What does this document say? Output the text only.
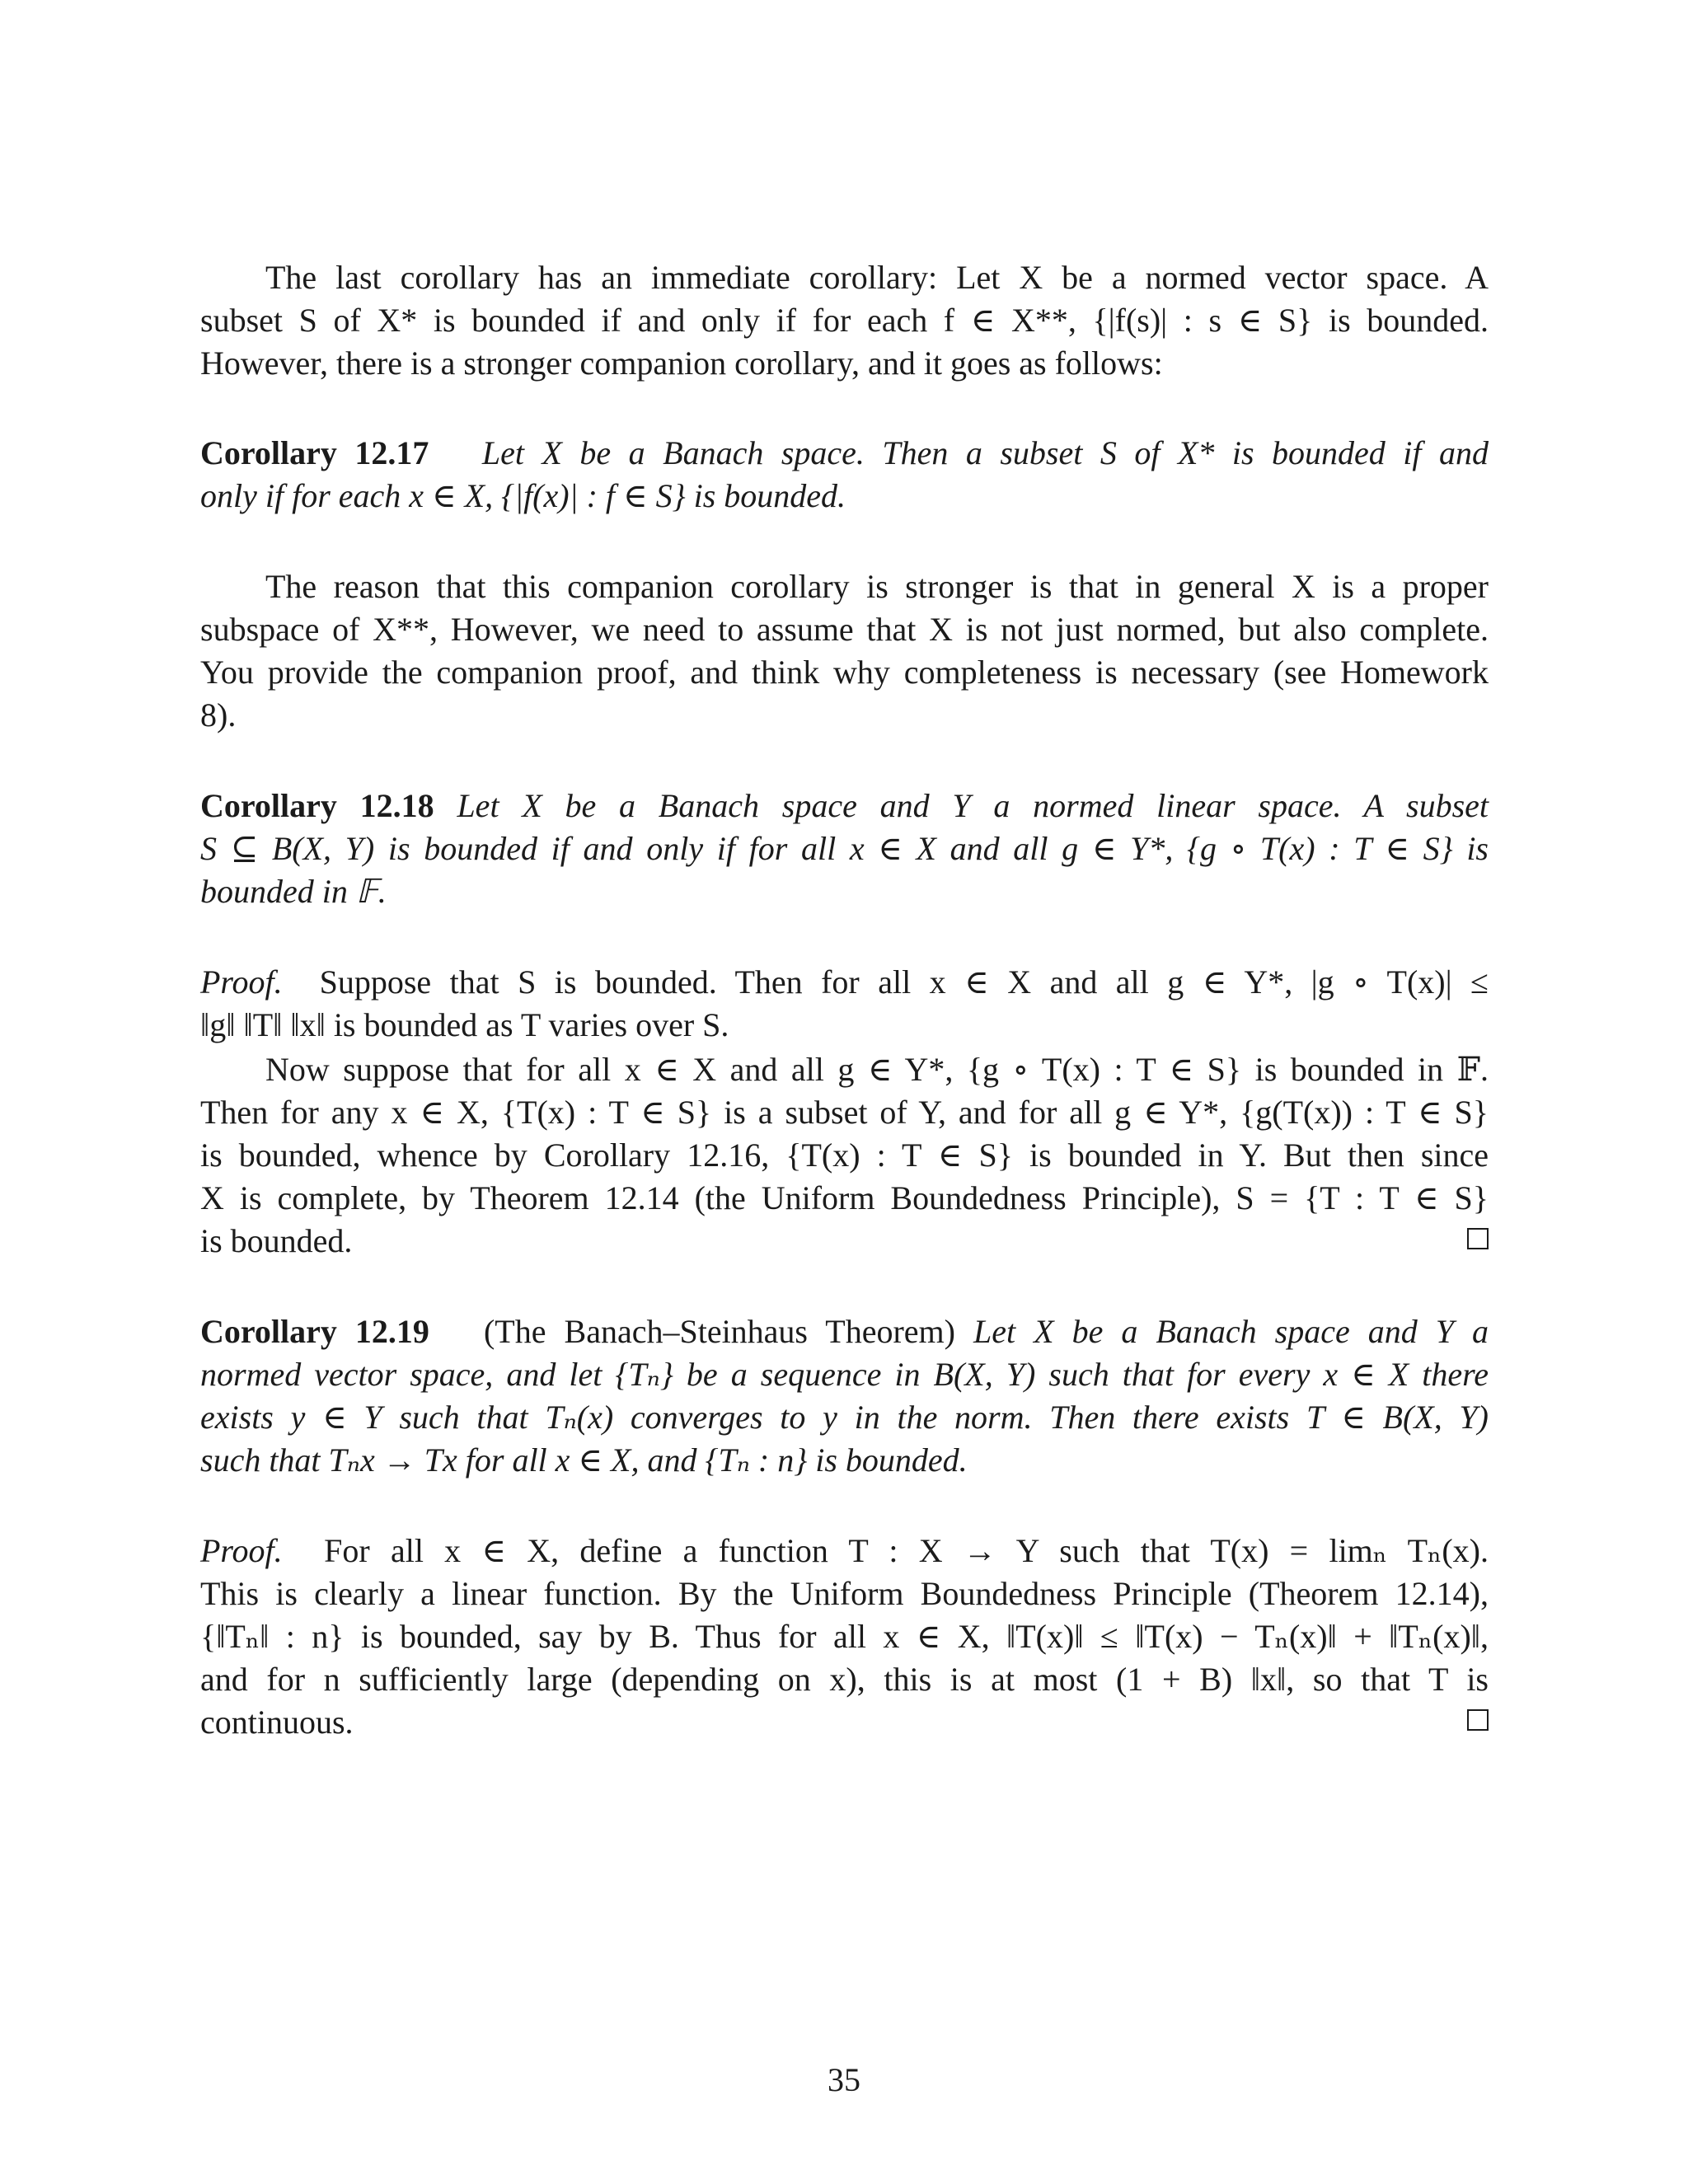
The last corollary has an immediate corollary: Let X be a normed vector space. A
subset S of X* is bounded if and only if for each f ∈ X**, {|f(s)| : s ∈ S} is bounded.
However, there is a stronger companion corollary, and it goes as follows:
Corollary 12.17 Let X be a Banach space. Then a subset S of X* is bounded if and
only if for each x ∈ X, {|f(x)| : f ∈ S} is bounded.
The reason that this companion corollary is stronger is that in general X is a proper
subspace of X**, However, we need to assume that X is not just normed, but also complete.
You provide the companion proof, and think why completeness is necessary (see Homework
8).
Corollary 12.18 Let X be a Banach space and Y a normed linear space. A subset
S ⊆ B(X, Y) is bounded if and only if for all x ∈ X and all g ∈ Y*, {g ∘ T(x) : T ∈ S} is
bounded in 𝔽.
Proof. Suppose that S is bounded. Then for all x ∈ X and all g ∈ Y*, |g ∘ T(x)| ≤
‖g‖ ‖T‖ ‖x‖ is bounded as T varies over S.
Now suppose that for all x ∈ X and all g ∈ Y*, {g ∘ T(x) : T ∈ S} is bounded in 𝔽.
Then for any x ∈ X, {T(x) : T ∈ S} is a subset of Y, and for all g ∈ Y*, {g(T(x)) : T ∈ S}
is bounded, whence by Corollary 12.16, {T(x) : T ∈ S} is bounded in Y. But then since
X is complete, by Theorem 12.14 (the Uniform Boundedness Principle), S = {T : T ∈ S}
is bounded.
Corollary 12.19 (The Banach–Steinhaus Theorem) Let X be a Banach space and Y a
normed vector space, and let {Tₙ} be a sequence in B(X, Y) such that for every x ∈ X there
exists y ∈ Y such that Tₙ(x) converges to y in the norm. Then there exists T ∈ B(X, Y)
such that Tₙx → Tx for all x ∈ X, and {Tₙ : n} is bounded.
Proof. For all x ∈ X, define a function T : X → Y such that T(x) = limₙ Tₙ(x).
This is clearly a linear function. By the Uniform Boundedness Principle (Theorem 12.14),
{‖Tₙ‖ : n} is bounded, say by B. Thus for all x ∈ X, ‖T(x)‖ ≤ ‖T(x) − Tₙ(x)‖ + ‖Tₙ(x)‖,
and for n sufficiently large (depending on x), this is at most (1 + B) ‖x‖, so that T is
continuous.
35
